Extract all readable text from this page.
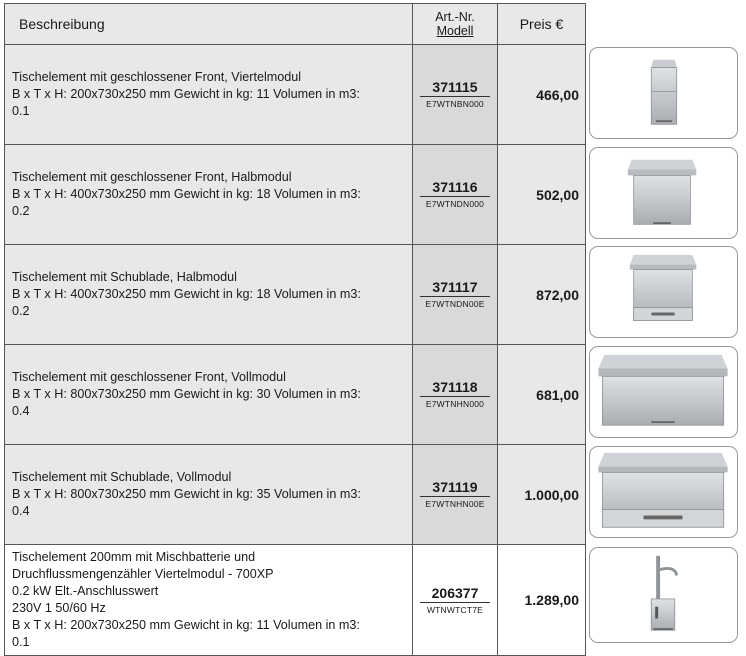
Beschreibung	Art.-Nr.
Modell	Preis €
Tischelement mit geschlossener Front, Viertelmodul
B x T x H: 200x730x250 mm Gewicht in kg: 11 Volumen in m3:
0.1
371115
E7WTNBN000
466,00
Tischelement mit geschlossener Front, Halbmodul
B x T x H: 400x730x250 mm Gewicht in kg: 18 Volumen in m3:
0.2
371116
E7WTNDN000
502,00
Tischelement mit Schublade, Halbmodul
B x T x H: 400x730x250 mm Gewicht in kg: 18 Volumen in m3:
0.2
371117
E7WTNDN00E
872,00
Tischelement mit geschlossener Front, Vollmodul
B x T x H: 800x730x250 mm Gewicht in kg: 30 Volumen in m3:
0.4
371118
E7WTNHN000
681,00
Tischelement mit Schublade, Vollmodul
B x T x H: 800x730x250 mm Gewicht in kg: 35 Volumen in m3:
0.4
371119
E7WTNHN00E
1.000,00
Tischelement 200mm mit Mischbatterie und
Druchflussmengenzähler Viertelmodul - 700XP
0.2 kW Elt.-Anschlusswert
230V 1 50/60 Hz
B x T x H: 200x730x250 mm Gewicht in kg: 11 Volumen in m3:
0.1
206377
WTNWTCT7E
1.289,00
